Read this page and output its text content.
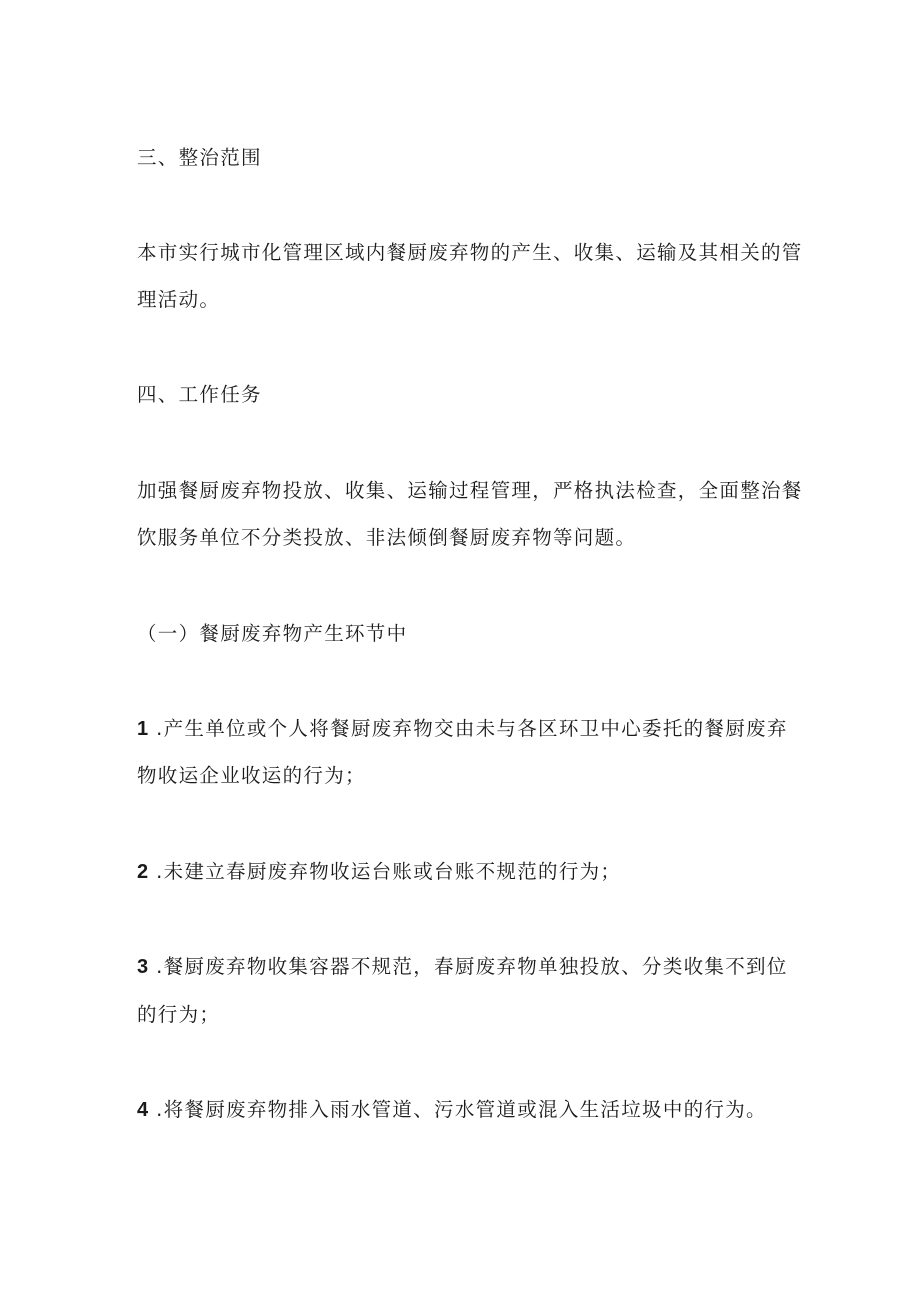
三、整治范围

本市实行城市化管理区域内餐厨废弃物的产生、收集、运输及其相关的管

理活动。

四、工作任务

加强餐厨废弃物投放、收集、运输过程管理，严格执法检查，全面整治餐

饮服务单位不分类投放、非法倾倒餐厨废弃物等问题。

（一）餐厨废弃物产生环节中

1 .产生单位或个人将餐厨废弃物交由未与各区环卫中心委托的餐厨废弃

物收运企业收运的行为；

2 .未建立春厨废弃物收运台账或台账不规范的行为；

3 .餐厨废弃物收集容器不规范，春厨废弃物单独投放、分类收集不到位

的行为；

4 .将餐厨废弃物排入雨水管道、污水管道或混入生活垃圾中的行为。
